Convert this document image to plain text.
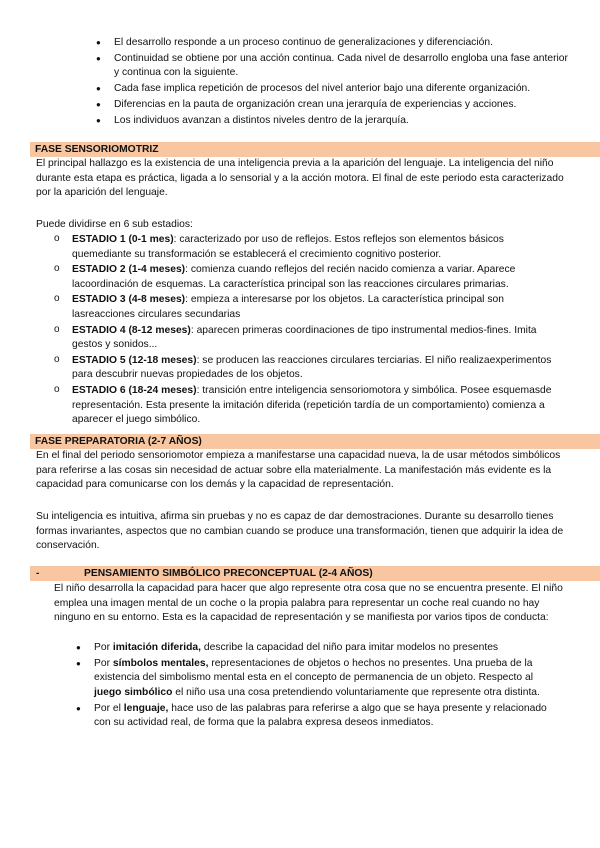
● El desarrollo responde a un proceso continuo de generalizaciones y diferenciación.
● Continuidad se obtiene por una acción continua. Cada nivel de desarrollo engloba una fase anterior y continua con la siguiente.
● Cada fase implica repetición de procesos del nivel anterior bajo una diferente organización.
● Diferencias en la pauta de organización crean una jerarquía de experiencias y acciones.
● Los individuos avanzan a distintos niveles dentro de la jerarquía.
FASE SENSORIOMOTRIZ

El principal hallazgo es la existencia de una inteligencia previa a la aparición del lenguaje. La inteligencia del niño durante esta etapa es práctica, ligada a lo sensorial y a la acción motora. El final de este periodo esta caracterizado por la aparición del lenguaje.

Puede dividirse en 6 sub estadios:

o ESTADIO 1 (0-1 mes): caracterizado por uso de reflejos. Estos reflejos son elementos básicos quemediante su transformación se establecerá el crecimiento cognitivo posterior.
o ESTADIO 2 (1-4 meses): comienza cuando reflejos del recién nacido comienza a variar. Aparece lacoordinación de esquemas. La característica principal son las reacciones circulares primarias.
o ESTADIO 3 (4-8 meses): empieza a interesarse por los objetos. La característica principal son lasreacciones circulares secundarias
o ESTADIO 4 (8-12 meses): aparecen primeras coordinaciones de tipo instrumental medios-fines. Imita gestos y sonidos...
o ESTADIO 5 (12-18 meses): se producen las reacciones circulares terciarias. El niño realizaexperimentos para descubrir nuevas propiedades de los objetos.
o ESTADIO 6 (18-24 meses): transición entre inteligencia sensoriomotora y simbólica. Posee esquemasde representación. Esta presente la imitación diferida (repetición tardía de un comportamiento) comienza a aparecer el juego simbólico.
FASE PREPARATORIA (2-7 AÑOS)

En el final del periodo sensoriomotor empieza a manifestarse una capacidad nueva, la de usar métodos simbólicos para referirse a las cosas sin necesidad de actuar sobre ella materialmente. La manifestación más evidente es la capacidad para comunicarse con los demás y la capacidad de representación.

Su inteligencia es intuitiva, afirma sin pruebas y no es capaz de dar demostraciones. Durante su desarrollo tienes formas invariantes, aspectos que no cambian cuando se produce una transformación, tienen que adquirir la idea de conservación.

-	PENSAMIENTO SIMBÓLICO PRECONCEPTUAL (2-4 AÑOS)

El niño desarrolla la capacidad para hacer que algo represente otra cosa que no se encuentra presente. El niño emplea una imagen mental de un coche o la propia palabra para representar un coche real cuando no hay ninguno en su entorno. Esta es la capacidad de representación y se manifiesta por varios tipos de conducta:

● Por imitación diferida, describe la capacidad del niño para imitar modelos no presentes
● Por símbolos mentales, representaciones de objetos o hechos no presentes. Una prueba de la existencia del simbolismo mental esta en el concepto de permanencia de un objeto. Respecto al juego simbólico el niño usa una cosa pretendiendo voluntariamente que represente otra distinta.
● Por el lenguaje, hace uso de las palabras para referirse a algo que se haya presente y relacionado con su actividad real, de forma que la palabra expresa deseos inmediatos.
